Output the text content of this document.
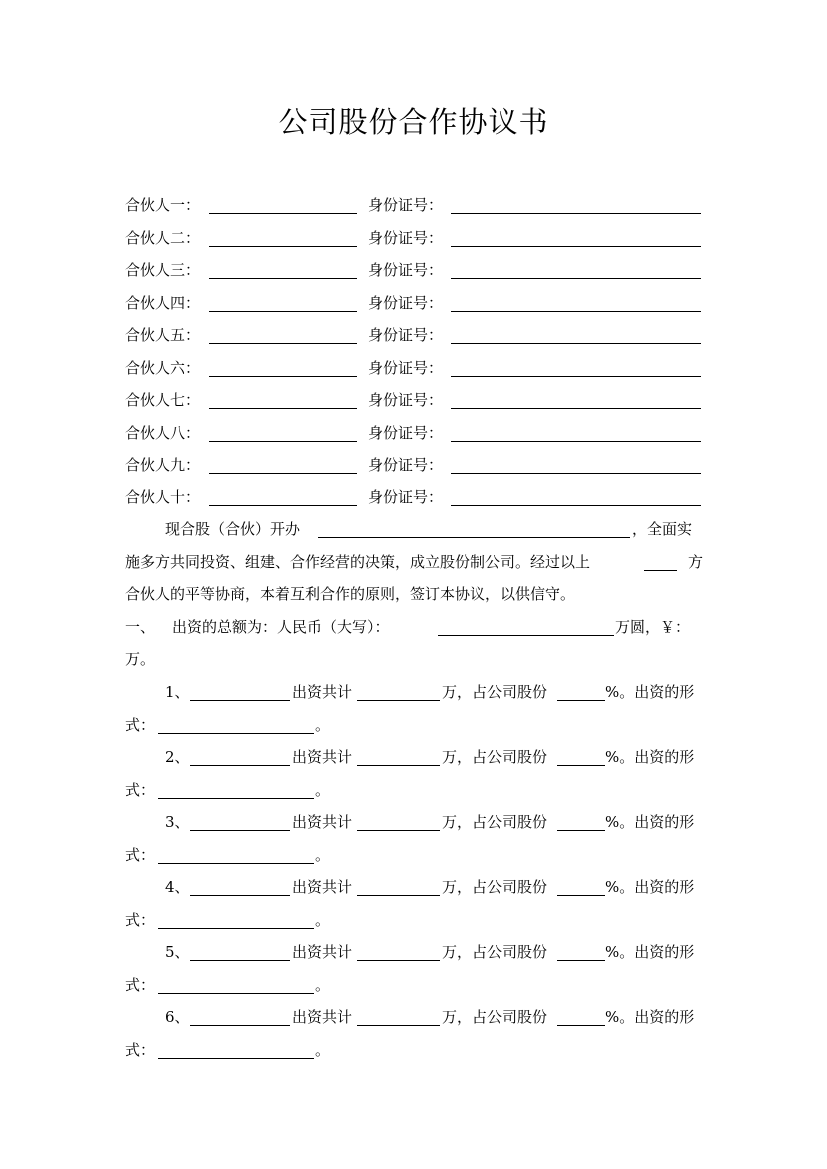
公司股份合作协议书
合伙人一：	身份证号：
合伙人二：	身份证号：
合伙人三：	身份证号：
合伙人四：	身份证号：
合伙人五：	身份证号：
合伙人六：	身份证号：
合伙人七：	身份证号：
合伙人八：	身份证号：
合伙人九：	身份证号：
合伙人十：	身份证号：
现合股（合伙）开办	，全面实
施多方共同投资、组建、合作经营的决策，成立股份制公司。经过以上	方
合伙人的平等协商，本着互利合作的原则，签订本协议，以供信守。
一、 出资的总额为：人民币（大写）：	万圆，￥：
万。
1、	出资共计	万，占公司股份	%。出资的形
式：	。
2、	出资共计	万，占公司股份	%。出资的形
式：	。
3、	出资共计	万，占公司股份	%。出资的形
式：	。
4、	出资共计	万，占公司股份	%。出资的形
式：	。
5、	出资共计	万，占公司股份	%。出资的形
式：	。
6、	出资共计	万，占公司股份	%。出资的形
式：	。
